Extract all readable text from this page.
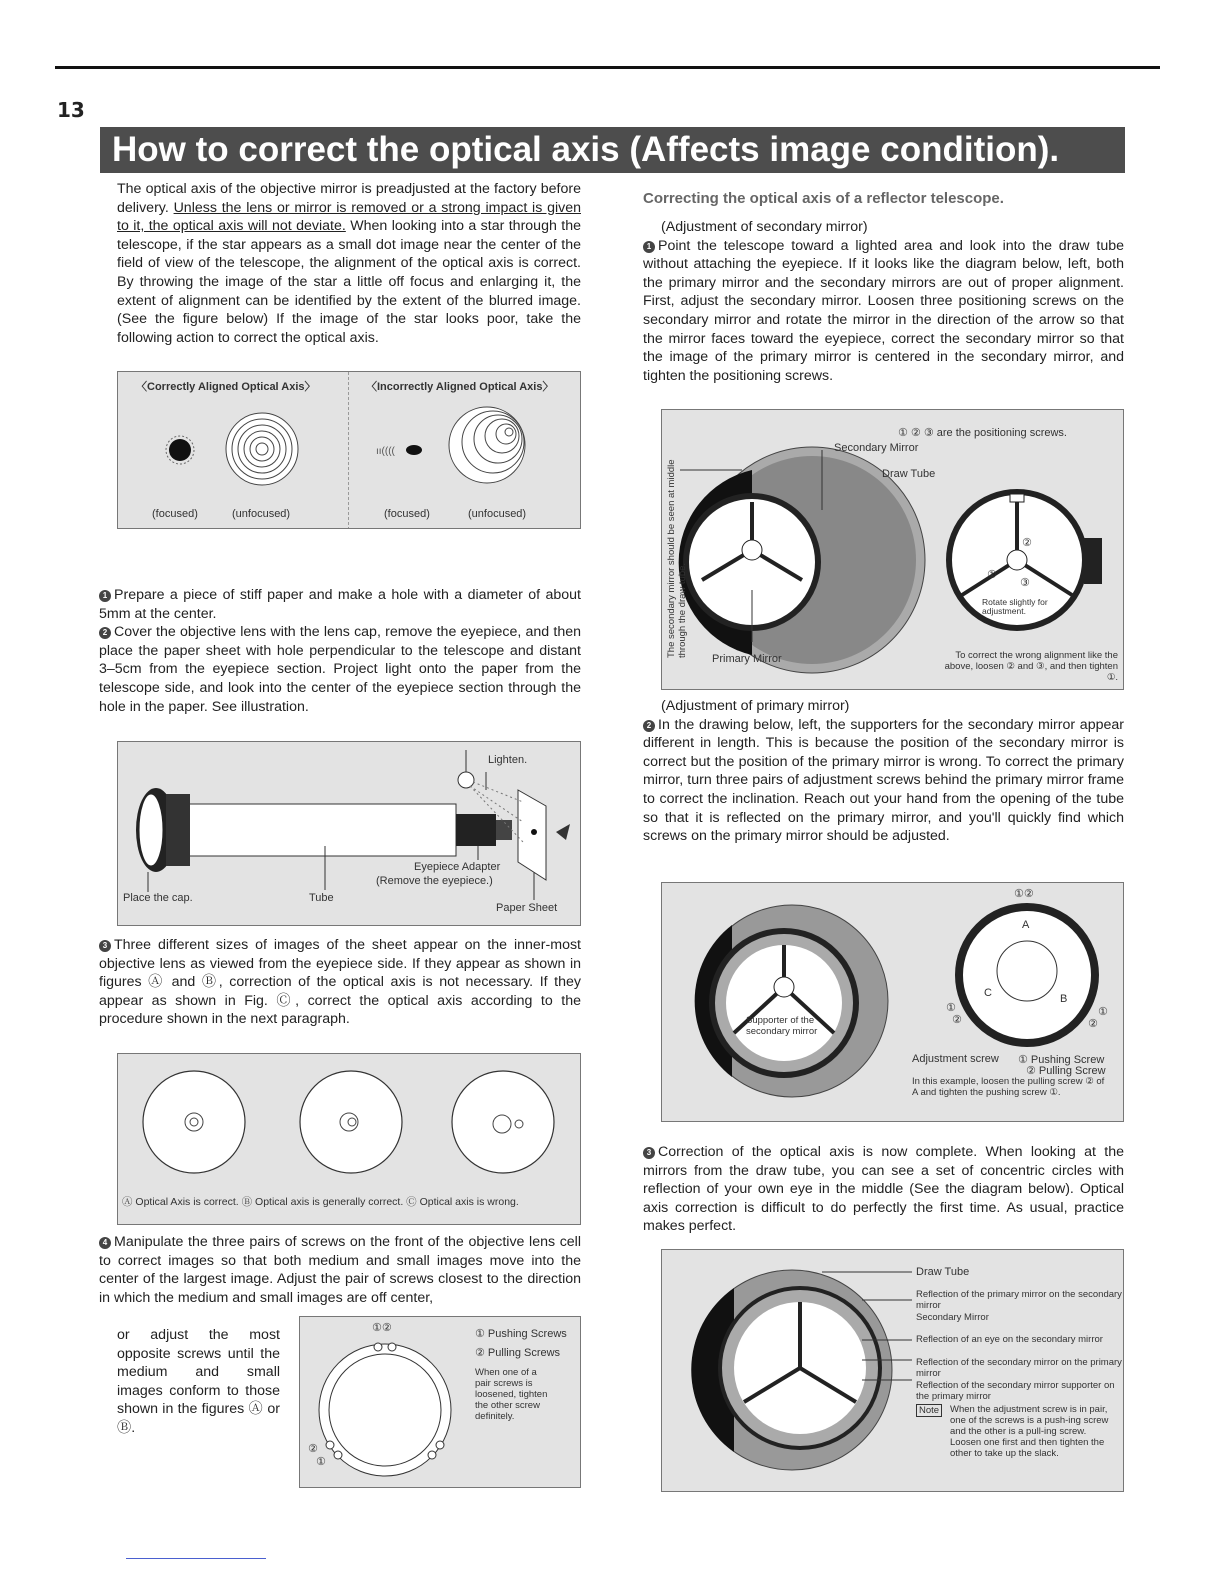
13
How to correct the optical axis (Affects image condition).
The optical axis of the objective mirror is preadjusted at the factory before delivery. Unless the lens or mirror is removed or a strong impact is given to it, the optical axis will not deviate. When looking into a star through the telescope, if the star appears as a small dot image near the center of the field of view of the telescope, the alignment of the optical axis is correct. By throwing the image of the star a little off focus and enlarging it, the extent of alignment can be identified by the extent of the blurred image. (See the figure below) If the image of the star looks poor, take the following action to correct the optical axis.
〈Correctly Aligned Optical Axis〉	〈Incorrectly Aligned Optical Axis〉
ıı((((
(focused)	(unfocused)	(focused)	(unfocused)

1 Prepare a piece of stiff paper and make a hole with a diameter of about 5mm at the center.

2 Cover the objective lens with the lens cap, remove the eyepiece, and then place the paper sheet with hole perpendicular to the telescope and distant 3–5cm from the eyepiece section. Project light onto the paper from the telescope side, and look into the center of the eyepiece section through the hole in the paper. See illustration.

Lighten.
Eyepiece Adapter
(Remove the eyepiece.)
Place the cap.	Tube
Paper Sheet

3 Three different sizes of images of the sheet appear on the inner-most objective lens as viewed from the eyepiece side. If they appear as shown in figures Ⓐ and Ⓑ, correction of the optical axis is not necessary. If they appear as shown in Fig. Ⓒ, correct the optical axis according to the procedure shown in the next paragraph.

Ⓐ Optical Axis is correct. Ⓑ Optical axis is generally correct. Ⓒ Optical axis is wrong.

4 Manipulate the three pairs of screws on the front of the objective lens cell to correct images so that both medium and small images move into the center of the largest image. Adjust the pair of screws closest to the direction in which the medium and small images are off center,

or adjust the most opposite screws until the medium and small images conform to those shown in the figures Ⓐ or Ⓑ.
①②	① Pushing Screws
② Pulling Screws
When one of a pair screws is loosened, tighten the other screw definitely.
②
①
Correcting the optical axis of a reflector telescope.

(Adjustment of secondary mirror)

1 Point the telescope toward a lighted area and look into the draw tube without attaching the eyepiece. If it looks like the diagram below, left, both the primary mirror and the secondary mirrors are out of proper alignment. First, adjust the secondary mirror. Loosen three positioning screws on the secondary mirror and rotate the mirror in the direction of the arrow so that the mirror faces toward the eyepiece, correct the secondary mirror so that the image of the primary mirror is centered in the secondary mirror, and tighten the positioning screws.

① ② ③ are the positioning screws.
Secondary Mirror
Draw Tube
The secondary mirror should be seen at middle through the draw tube.
Primary Mirror
①
②
③
Rotate slightly for adjustment.
To correct the wrong alignment like the above, loosen ② and ③, and then tighten ①.

(Adjustment of primary mirror)

2 In the drawing below, left, the supporters for the secondary mirror appear different in length. This is because the position of the secondary mirror is correct but the position of the primary mirror is wrong. To correct the primary mirror, turn three pairs of adjustment screws behind the primary mirror frame to correct the inclination. Reach out your hand from the opening of the tube so that it is reflected on the primary mirror, and you'll quickly find which screws on the primary mirror should be adjusted.

①②
A
C	B
①
②
①
②
Supporter of the secondary mirror
Adjustment screw ① Pushing Screw
② Pulling Screw
In this example, loosen the pulling screw ② of A and tighten the pushing screw ①.

3 Correction of the optical axis is now complete. When looking at the mirrors from the draw tube, you can see a set of concentric circles with reflection of your own eye in the middle (See the diagram below). Optical axis correction is difficult to do perfectly the first time. As usual, practice makes perfect.

Draw Tube
Reflection of the primary mirror on the secondary mirror
Secondary Mirror
Reflection of an eye on the secondary mirror
Reflection of the secondary mirror on the primary mirror
Reflection of the secondary mirror supporter on the primary mirror
Note	When the adjustment screw is in pair, one of the screws is a push-ing screw and the other is a pull-ing screw. Loosen one first and then tighten the other to take up the slack.
